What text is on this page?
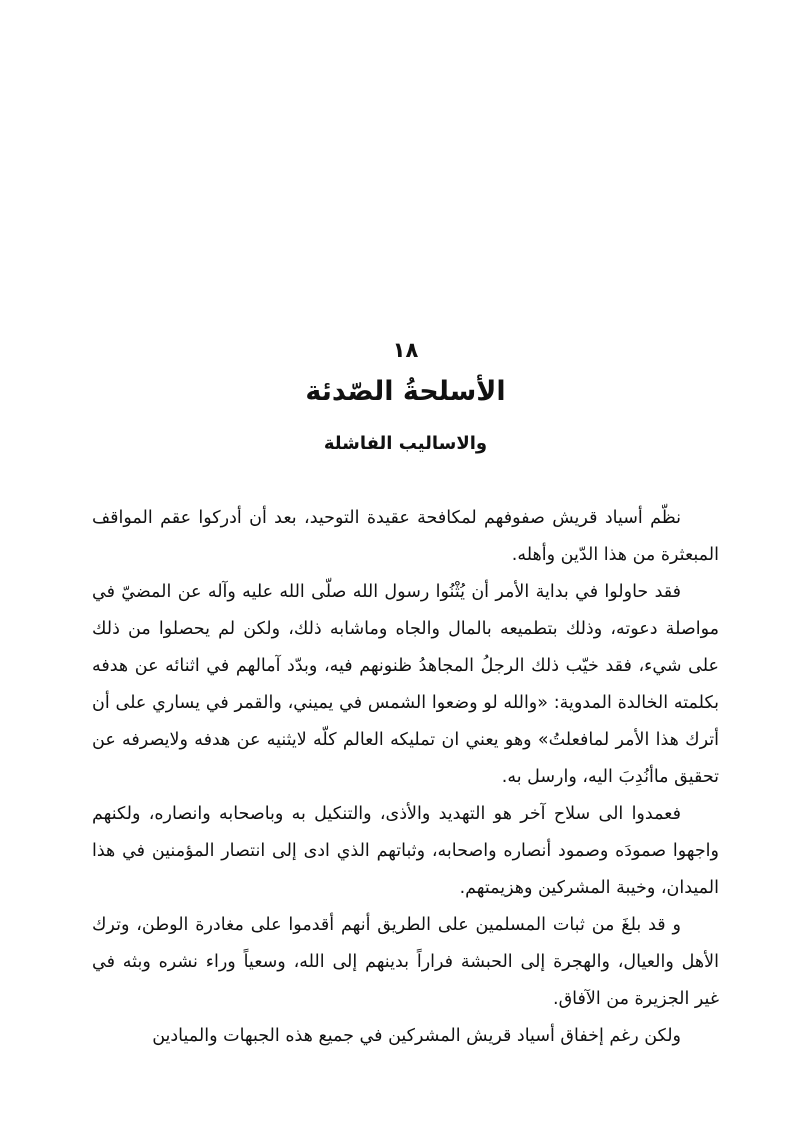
١٨
الأسلحةُ الصّدئة
والاساليب الفاشلة

نظّم أسياد قريش صفوفهم لمكافحة عقيدة التوحيد، بعد أن أدركوا عقم المواقف المبعثرة من هذا الدّين وأهله.

فقد حاولوا في بداية الأمر أن يُثْنُوا رسول الله صلّى الله عليه وآله عن المضيّ في مواصلة دعوته، وذلك بتطميعه بالمال والجاه وماشابه ذلك، ولكن لم يحصلوا من ذلك على شيء، فقد خيّب ذلك الرجلُ المجاهدُ ظنونهم فيه، وبدّد آمالهم في اثنائه عن هدفه بكلمته الخالدة المدوية: «والله لو وضعوا الشمس في يميني، والقمر في يساري على أن أترك هذا الأمر لمافعلتُ» وهو يعني ان تمليكه العالم كلّه لايثنيه عن هدفه ولايصرفه عن تحقيق ماأنُدِبَ اليه، وارسل به.

فعمدوا الى سلاح آخر هو التهديد والأذى، والتنكيل به وباصحابه وانصاره، ولكنهم واجهوا صمودَه وصمود أنصاره واصحابه، وثباتهم الذي ادى إلى انتصار المؤمنين في هذا الميدان، وخيبة المشركين وهزيمتهم.

و قد بلغَ من ثبات المسلمين على الطريق أنهم أقدموا على مغادرة الوطن، وترك الأهل والعيال، والهجرة إلى الحبشة فراراً بدينهم إلى الله، وسعياً وراء نشره وبثه في غير الجزيرة من الآفاق.

ولكن رغم إخفاق أسياد قريش المشركين في جميع هذه الجبهات والميادين
